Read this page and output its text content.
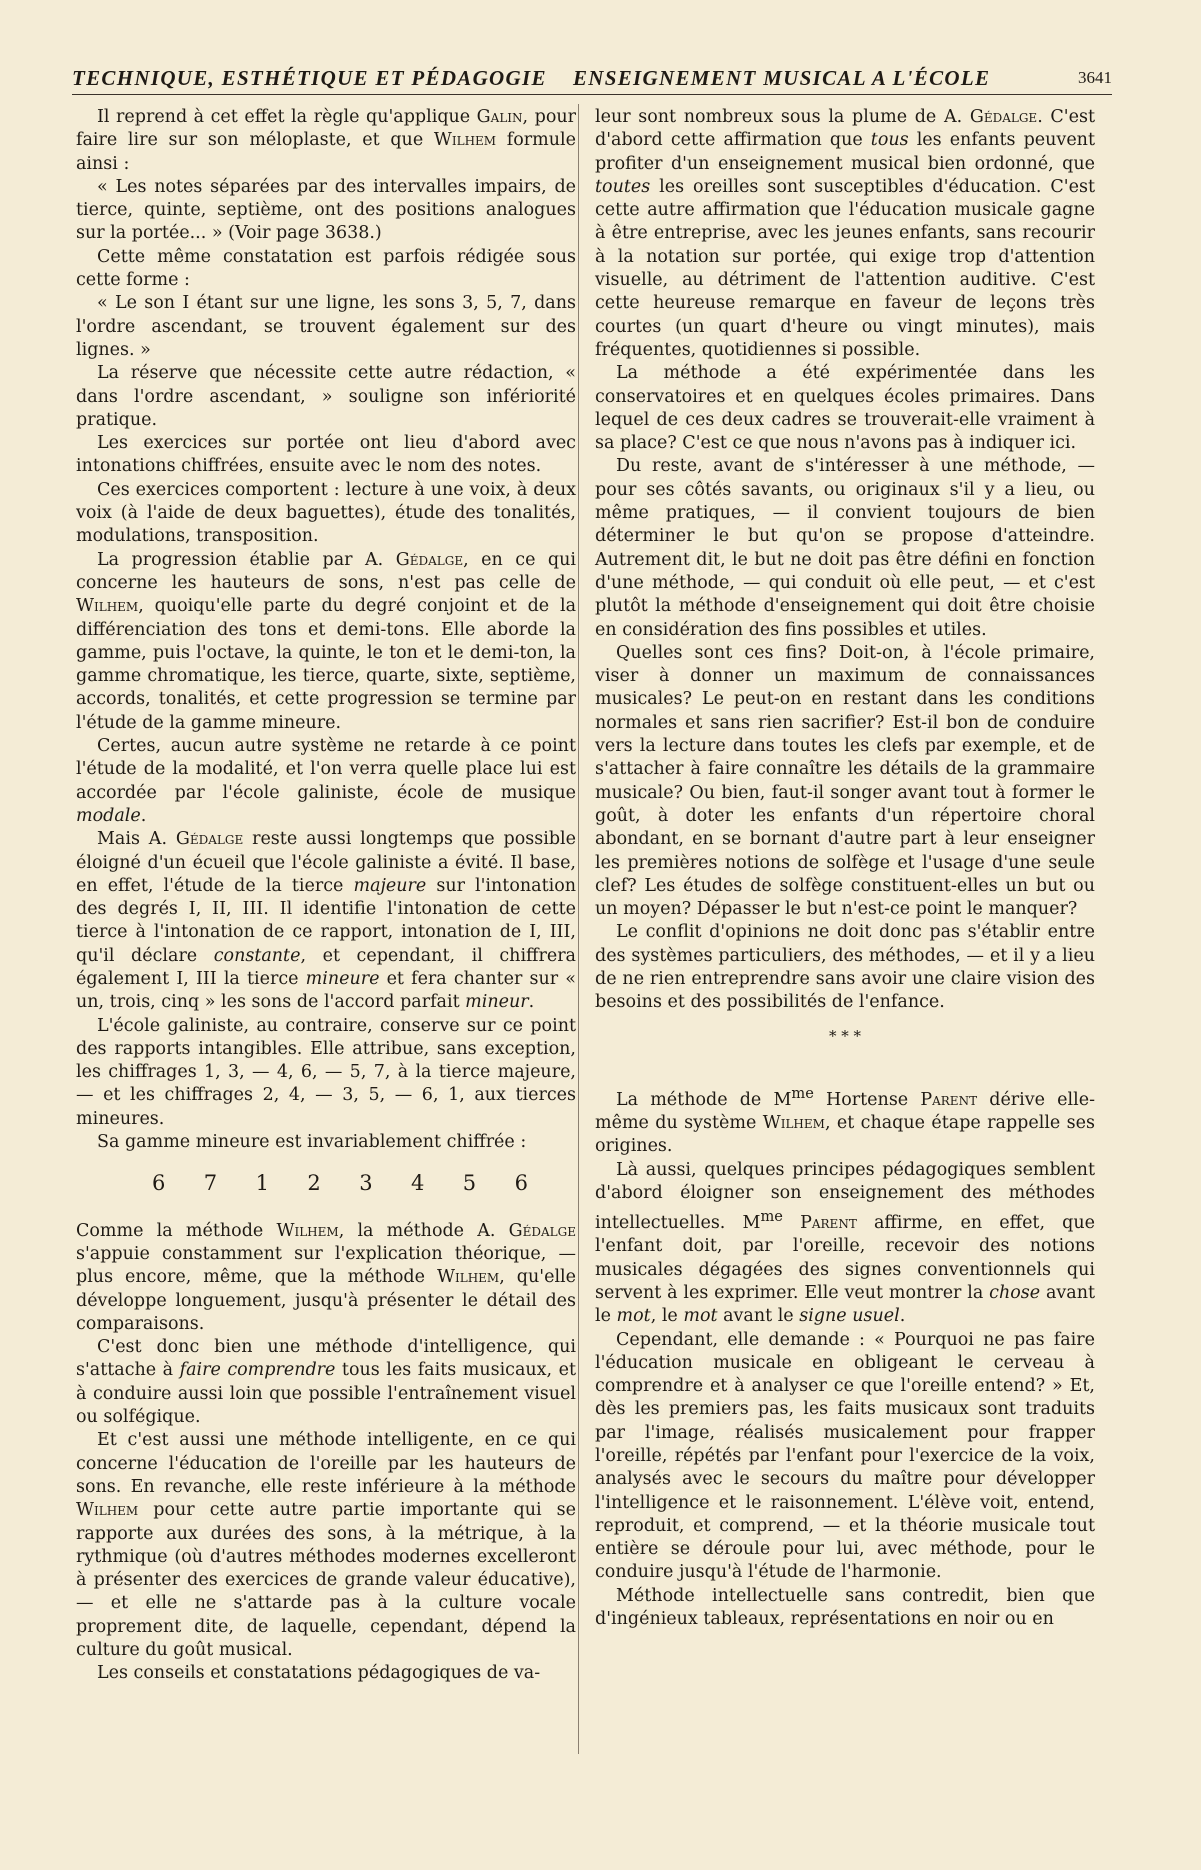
TECHNIQUE, ESTHÉTIQUE ET PÉDAGOGIE ENSEIGNEMENT MUSICAL A L'ÉCOLE	3641

Il reprend à cet effet la règle qu'applique Galin, pour faire lire sur son méloplaste, et que Wilhem formule ainsi :

« Les notes séparées par des intervalles impairs, de tierce, quinte, septième, ont des positions analogues sur la portée... » (Voir page 3638.)

Cette même constatation est parfois rédigée sous cette forme :

« Le son I étant sur une ligne, les sons 3, 5, 7, dans l'ordre ascendant, se trouvent également sur des lignes. »

La réserve que nécessite cette autre rédaction, « dans l'ordre ascendant, » souligne son infériorité pratique.

Les exercices sur portée ont lieu d'abord avec intonations chiffrées, ensuite avec le nom des notes.

Ces exercices comportent : lecture à une voix, à deux voix (à l'aide de deux baguettes), étude des tonalités, modulations, transposition.

La progression établie par A. Gédalge, en ce qui concerne les hauteurs de sons, n'est pas celle de Wilhem, quoiqu'elle parte du degré conjoint et de la différenciation des tons et demi-tons. Elle aborde la gamme, puis l'octave, la quinte, le ton et le demi-ton, la gamme chromatique, les tierce, quarte, sixte, septième, accords, tonalités, et cette progression se termine par l'étude de la gamme mineure.

Certes, aucun autre système ne retarde à ce point l'étude de la modalité, et l'on verra quelle place lui est accordée par l'école galiniste, école de musique modale.

Mais A. Gédalge reste aussi longtemps que possible éloigné d'un écueil que l'école galiniste a évité. Il base, en effet, l'étude de la tierce majeure sur l'intonation des degrés I, II, III. Il identifie l'intonation de cette tierce à l'intonation de ce rapport, intonation de I, III, qu'il déclare constante, et cependant, il chiffrera également I, III la tierce mineure et fera chanter sur « un, trois, cinq » les sons de l'accord parfait mineur.

L'école galiniste, au contraire, conserve sur ce point des rapports intangibles. Elle attribue, sans exception, les chiffrages 1, 3, — 4, 6, — 5, 7, à la tierce majeure, — et les chiffrages 2, 4, — 3, 5, — 6, 1, aux tierces mineures.

Sa gamme mineure est invariablement chiffrée :

6 7 1 2 3 4 5 6

Comme la méthode Wilhem, la méthode A. Gédalge s'appuie constamment sur l'explication théorique, — plus encore, même, que la méthode Wilhem, qu'elle développe longuement, jusqu'à présenter le détail des comparaisons.

C'est donc bien une méthode d'intelligence, qui s'attache à faire comprendre tous les faits musicaux, et à conduire aussi loin que possible l'entraînement visuel ou solfégique.

Et c'est aussi une méthode intelligente, en ce qui concerne l'éducation de l'oreille par les hauteurs de sons. En revanche, elle reste inférieure à la méthode Wilhem pour cette autre partie importante qui se rapporte aux durées des sons, à la métrique, à la rythmique (où d'autres méthodes modernes excelleront à présenter des exercices de grande valeur éducative), — et elle ne s'attarde pas à la culture vocale proprement dite, de laquelle, cependant, dépend la culture du goût musical.

Les conseils et constatations pédagogiques de va-

leur sont nombreux sous la plume de A. Gédalge. C'est d'abord cette affirmation que tous les enfants peuvent profiter d'un enseignement musical bien ordonné, que toutes les oreilles sont susceptibles d'éducation. C'est cette autre affirmation que l'éducation musicale gagne à être entreprise, avec les jeunes enfants, sans recourir à la notation sur portée, qui exige trop d'attention visuelle, au détriment de l'attention auditive. C'est cette heureuse remarque en faveur de leçons très courtes (un quart d'heure ou vingt minutes), mais fréquentes, quotidiennes si possible.

La méthode a été expérimentée dans les conservatoires et en quelques écoles primaires. Dans lequel de ces deux cadres se trouverait-elle vraiment à sa place? C'est ce que nous n'avons pas à indiquer ici.

Du reste, avant de s'intéresser à une méthode, — pour ses côtés savants, ou originaux s'il y a lieu, ou même pratiques, — il convient toujours de bien déterminer le but qu'on se propose d'atteindre. Autrement dit, le but ne doit pas être défini en fonction d'une méthode, — qui conduit où elle peut, — et c'est plutôt la méthode d'enseignement qui doit être choisie en considération des fins possibles et utiles.

Quelles sont ces fins? Doit-on, à l'école primaire, viser à donner un maximum de connaissances musicales? Le peut-on en restant dans les conditions normales et sans rien sacrifier? Est-il bon de conduire vers la lecture dans toutes les clefs par exemple, et de s'attacher à faire connaître les détails de la grammaire musicale? Ou bien, faut-il songer avant tout à former le goût, à doter les enfants d'un répertoire choral abondant, en se bornant d'autre part à leur enseigner les premières notions de solfège et l'usage d'une seule clef? Les études de solfège constituent-elles un but ou un moyen? Dépasser le but n'est-ce point le manquer?

Le conflit d'opinions ne doit donc pas s'établir entre des systèmes particuliers, des méthodes, — et il y a lieu de ne rien entreprendre sans avoir une claire vision des besoins et des possibilités de l'enfance.

* * *

La méthode de $M^{me}$ Hortense Parent dérive elle-même du système Wilhem, et chaque étape rappelle ses origines.

Là aussi, quelques principes pédagogiques semblent d'abord éloigner son enseignement des méthodes intellectuelles. $M^{me}$ Parent affirme, en effet, que l'enfant doit, par l'oreille, recevoir des notions musicales dégagées des signes conventionnels qui servent à les exprimer. Elle veut montrer la chose avant le mot, le mot avant le signe usuel.

Cependant, elle demande : « Pourquoi ne pas faire l'éducation musicale en obligeant le cerveau à comprendre et à analyser ce que l'oreille entend? » Et, dès les premiers pas, les faits musicaux sont traduits par l'image, réalisés musicalement pour frapper l'oreille, répétés par l'enfant pour l'exercice de la voix, analysés avec le secours du maître pour développer l'intelligence et le raisonnement. L'élève voit, entend, reproduit, et comprend, — et la théorie musicale tout entière se déroule pour lui, avec méthode, pour le conduire jusqu'à l'étude de l'harmonie.

Méthode intellectuelle sans contredit, bien que d'ingénieux tableaux, représentations en noir ou en
